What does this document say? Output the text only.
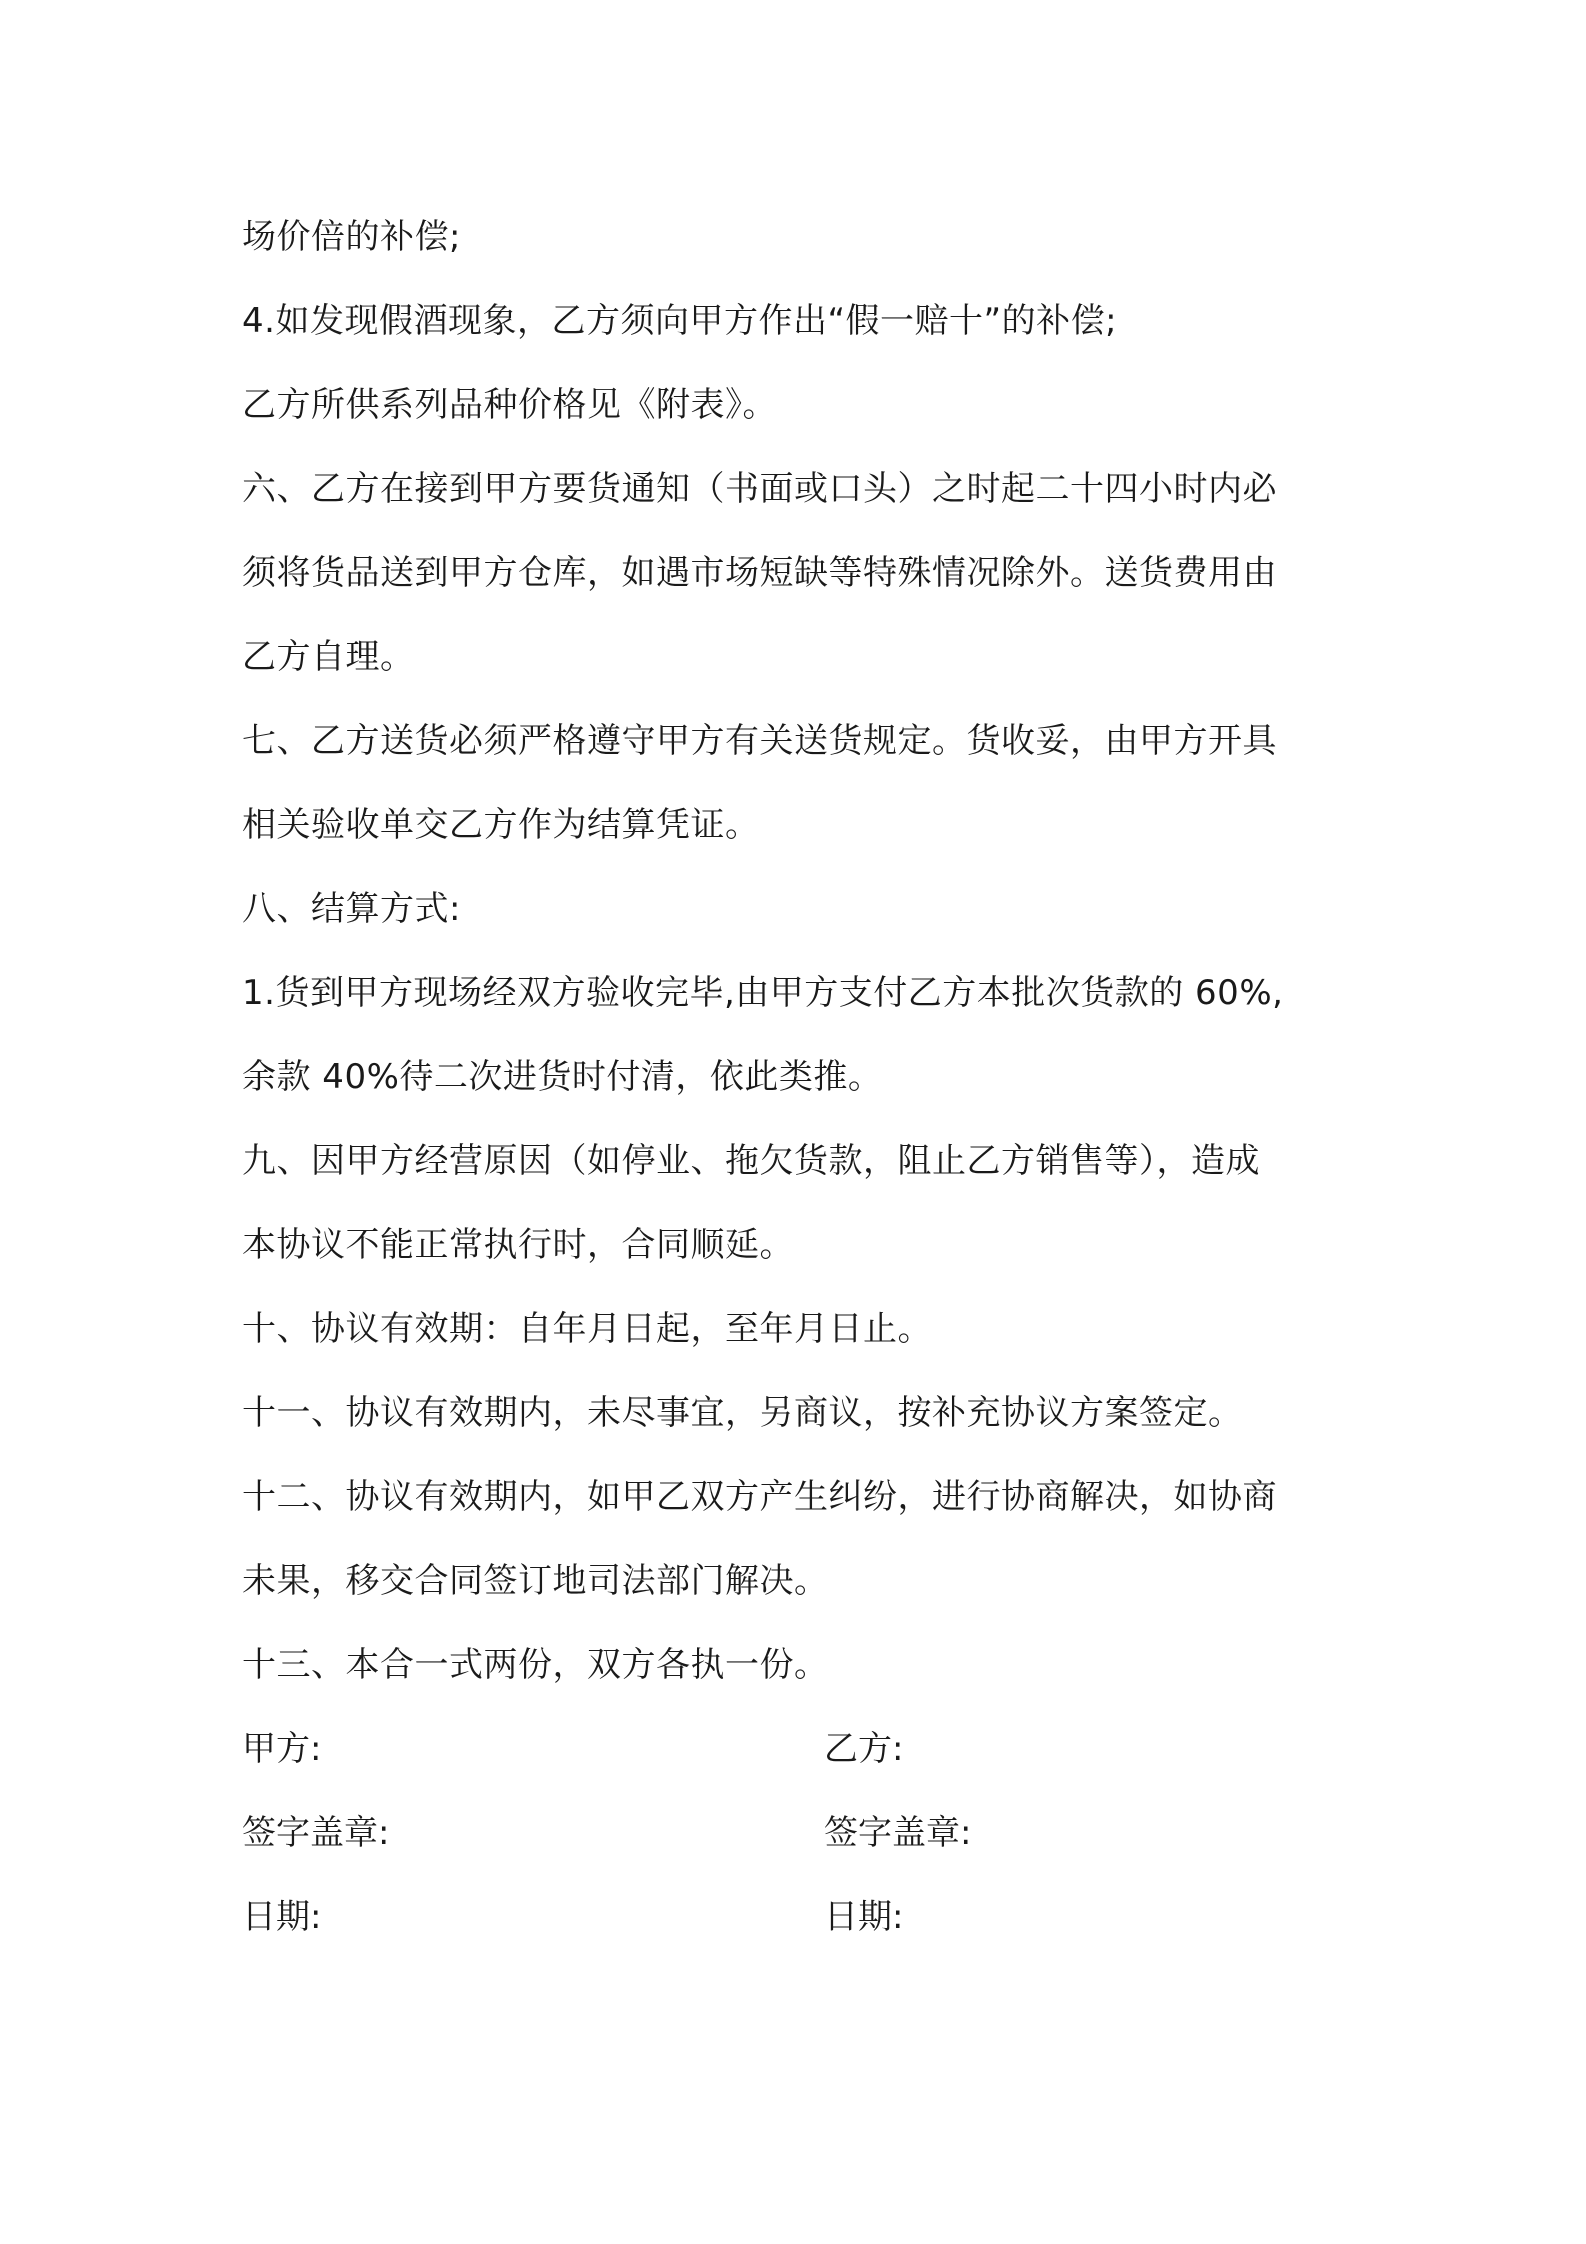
场价倍的补偿;
4.如发现假酒现象，乙方须向甲方作出“假一赔十”的补偿;
乙方所供系列品种价格见《附表》。
六、乙方在接到甲方要货通知（书面或口头）之时起二十四小时内必
须将货品送到甲方仓库，如遇市场短缺等特殊情况除外。送货费用由
乙方自理。
七、乙方送货必须严格遵守甲方有关送货规定。货收妥，由甲方开具
相关验收单交乙方作为结算凭证。
八、结算方式:
1.货到甲方现场经双方验收完毕,由甲方支付乙方本批次货款的 60%,
余款 40%待二次进货时付清，依此类推。
九、因甲方经营原因（如停业、拖欠货款，阻止乙方销售等），造成
本协议不能正常执行时，合同顺延。
十、协议有效期：自年月日起，至年月日止。
十一、协议有效期内，未尽事宜，另商议，按补充协议方案签定。
十二、协议有效期内，如甲乙双方产生纠纷，进行协商解决，如协商
未果，移交合同签订地司法部门解决。
十三、本合一式两份，双方各执一份。
甲方:	乙方:
签字盖章:	签字盖章:
日期:	日期:
